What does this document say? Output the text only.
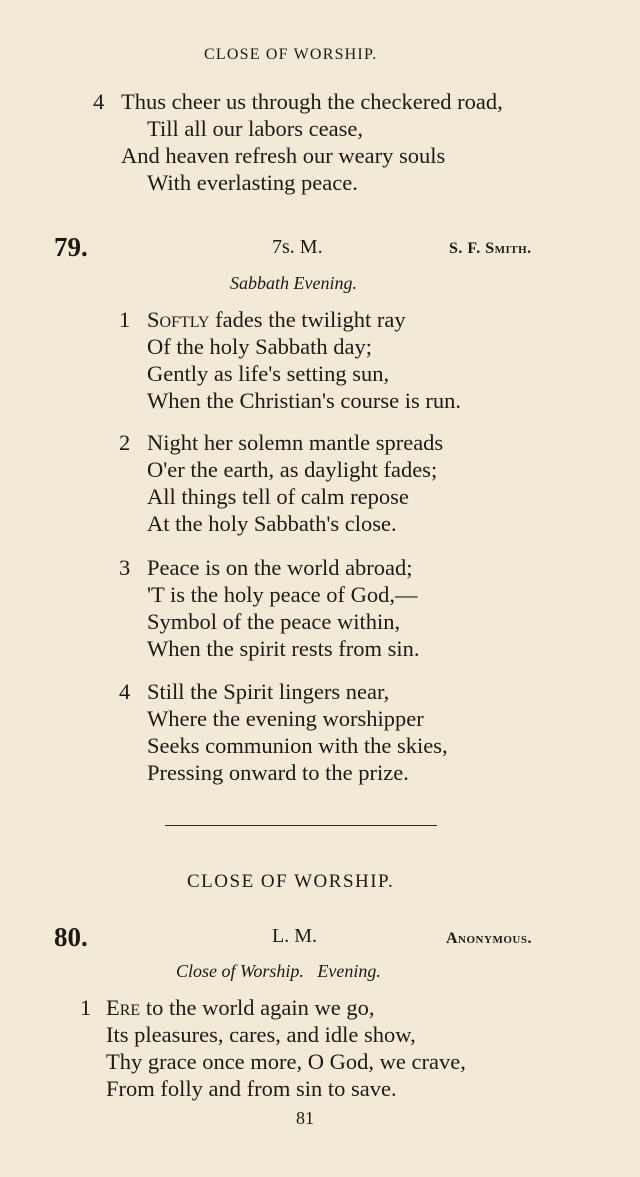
CLOSE OF WORSHIP.
4 Thus cheer us through the checkered road,
Till all our labors cease,
And heaven refresh our weary souls
With everlasting peace.
79.	7s. M.	S. F. Smith.
Sabbath Evening.
1 Softly fades the twilight ray
Of the holy Sabbath day;
Gently as life's setting sun,
When the Christian's course is run.
2 Night her solemn mantle spreads
O'er the earth, as daylight fades;
All things tell of calm repose
At the holy Sabbath's close.
3 Peace is on the world abroad;
'T is the holy peace of God,—
Symbol of the peace within,
When the spirit rests from sin.
4 Still the Spirit lingers near,
Where the evening worshipper
Seeks communion with the skies,
Pressing onward to the prize.
CLOSE OF WORSHIP.
80.	L. M.	Anonymous.
Close of Worship.   Evening.
1 Ere to the world again we go,
Its pleasures, cares, and idle show,
Thy grace once more, O God, we crave,
From folly and from sin to save.
81
